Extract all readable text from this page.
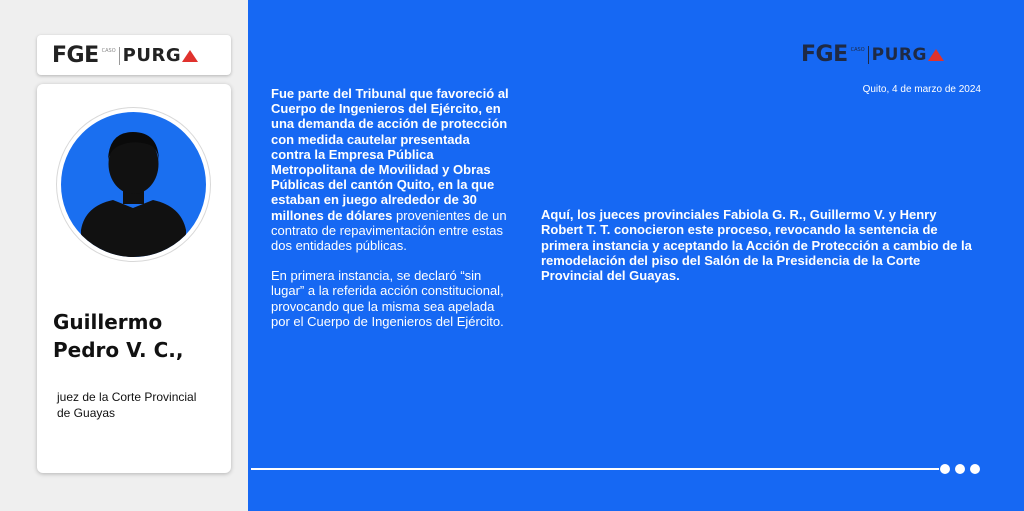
FGE CASO PURG
Guillermo
Pedro V. C.,
juez de la Corte Provincial
de Guayas
FGE CASO PURG
Quito, 4 de marzo de 2024

Fue parte del Tribunal que favoreció al Cuerpo de Ingenieros del Ejército, en una demanda de acción de protección con medida cautelar presentada contra la Empresa Pública Metropolitana de Movilidad y Obras Públicas del cantón Quito, en la que estaban en juego alrededor de 30 millones de dólares provenientes de un contrato de repavimentación entre estas dos entidades públicas.

En primera instancia, se declaró “sin lugar” a la referida acción constitucional, provocando que la misma sea apelada por el Cuerpo de Ingenieros del Ejército.

Aquí, los jueces provinciales Fabiola G. R., Guillermo V. y Henry Robert T. T. conocieron este proceso, revocando la sentencia de primera instancia y aceptando la Acción de Protección a cambio de la remodelación del piso del Salón de la Presidencia de la Corte Provincial del Guayas.
